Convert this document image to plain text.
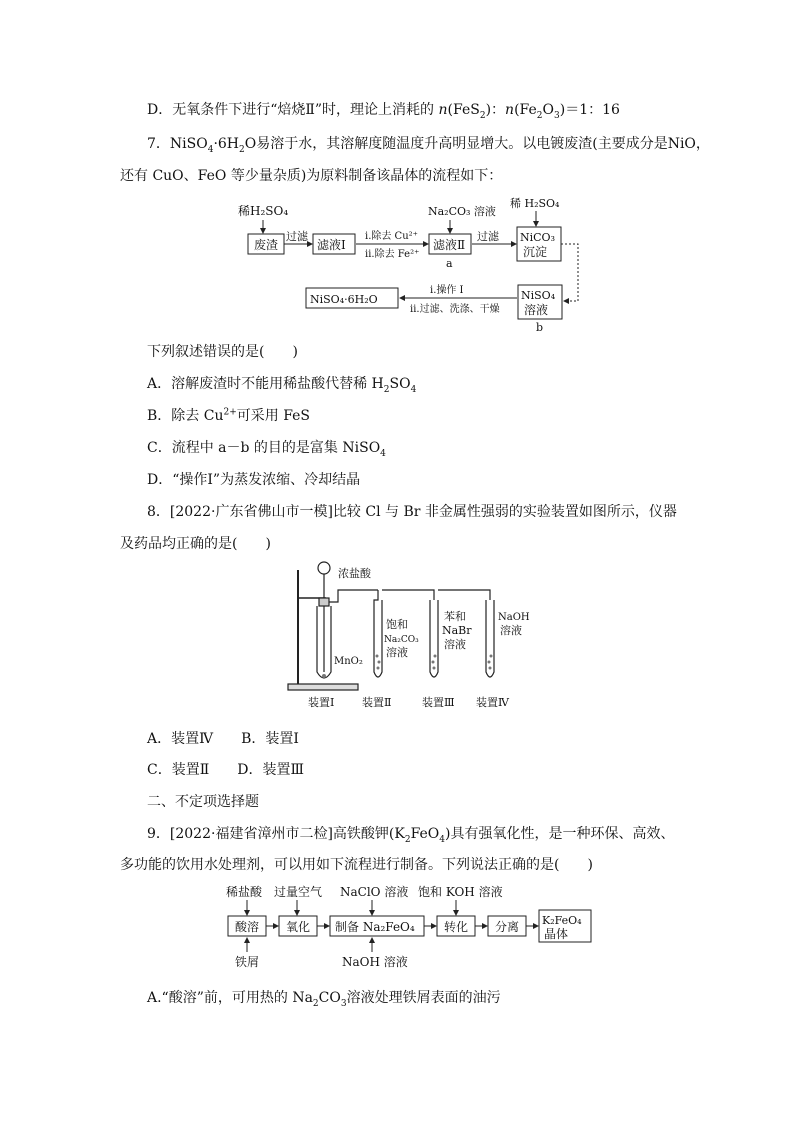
D．无氧条件下进行“焙烧Ⅱ”时，理论上消耗的 n(FeS$_2$)：$n(Fe_2O_3)=1$：16
7．$NiSO_4\cdot 6H_2O$易溶于水，其溶解度随温度升高明显增大。以电镀废渣(主要成分是NiO，
还有 CuO、FeO 等少量杂质)为原料制备该晶体的流程如下：
稀H₂SO₄
废渣
过滤
滤液Ⅰ
ⅰ.除去 Cu²⁺
ⅱ.除去 Fe²⁺
Na₂CO₃ 溶液
滤液Ⅱ
a
过滤
稀 H₂SO₄
NiCO₃
沉淀
NiSO₄
溶液
b
ⅰ.操作 Ⅰ
ⅱ.过滤、洗涤、干燥
NiSO₄·6H₂O
下列叙述错误的是(　　)
A．溶解废渣时不能用稀盐酸代替稀 $H_2SO_4$
B．除去 $Cu^{2+}$可采用 FeS
C．流程中 a－b 的目的是富集 NiSO$_4$
D．“操作Ⅰ”为蒸发浓缩、冷却结晶
8．[2022·广东省佛山市一模]比较 Cl 与 Br 非金属性强弱的实验装置如图所示，仪器
及药品均正确的是(　　)
浓盐酸
MnO₂
饱和
Na₂CO₃
溶液
苯和
NaBr
溶液
NaOH
溶液
装置Ⅰ	装置Ⅱ	装置Ⅲ 装置Ⅳ
A．装置Ⅳ　　 B．装置Ⅰ
C．装置Ⅱ　　 D．装置Ⅲ
二、不定项选择题
9．[2022·福建省漳州市二检]高铁酸钾$(K_2FeO_4)$具有强氧化性，是一种环保、高效、
多功能的饮用水处理剂，可以用如下流程进行制备。下列说法正确的是(　　)
稀盐酸 过量空气 NaClO 溶液 饱和 KOH 溶液
酸溶 氧化 制备 Na₂FeO₄ 转化 分离 K₂FeO₄
晶体
铁屑	NaOH 溶液
A.“酸溶”前，可用热的 $Na_2CO_3$溶液处理铁屑表面的油污
